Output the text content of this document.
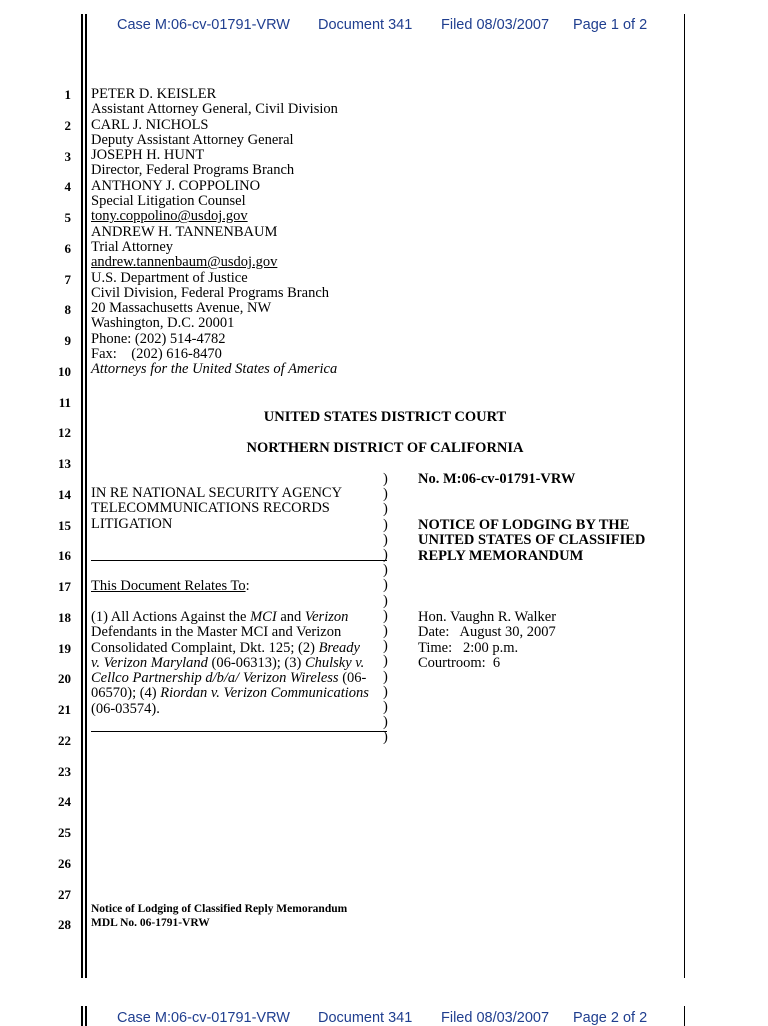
Case M:06-cv-01791-VRW Document 341 Filed 08/03/2007 Page 1 of 2
1
2
3
4
5
6
7
8
9
10
11
12
13
14
15
16
17
18
19
20
21
22
23
24
25
26
27
28
PETER D. KEISLER
Assistant Attorney General, Civil Division
CARL J. NICHOLS
Deputy Assistant Attorney General
JOSEPH H. HUNT
Director, Federal Programs Branch
ANTHONY J. COPPOLINO
Special Litigation Counsel
tony.coppolino@usdoj.gov
ANDREW H. TANNENBAUM
Trial Attorney
andrew.tannenbaum@usdoj.gov
U.S. Department of Justice
Civil Division, Federal Programs Branch
20 Massachusetts Avenue, NW
Washington, D.C. 20001
Phone: (202) 514-4782
Fax:    (202) 616-8470
Attorneys for the United States of America
UNITED STATES DISTRICT COURT
NORTHERN DISTRICT OF CALIFORNIA
IN RE NATIONAL SECURITY AGENCY
TELECOMMUNICATIONS RECORDS
LITIGATION
This Document Relates To:
(1) All Actions Against the MCI and Verizon
Defendants in the Master MCI and Verizon
Consolidated Complaint, Dkt. 125; (2) Bready
v. Verizon Maryland (06-06313); (3) Chulsky v.
Cellco Partnership d/b/a/ Verizon Wireless (06-
06570); (4) Riordan v. Verizon Communications
(06-03574).
)
)
)
)
)
)
)
)
)
)
)
)
)
)
)
)
)
)
No. M:06-cv-01791-VRW
NOTICE OF LODGING BY THE
UNITED STATES OF CLASSIFIED
REPLY MEMORANDUM
Hon. Vaughn R. Walker
Date:   August 30, 2007
Time:   2:00 p.m.
Courtroom:  6
Notice of Lodging of Classified Reply Memorandum
MDL No. 06-1791-VRW
Case M:06-cv-01791-VRW Document 341 Filed 08/03/2007 Page 2 of 2
